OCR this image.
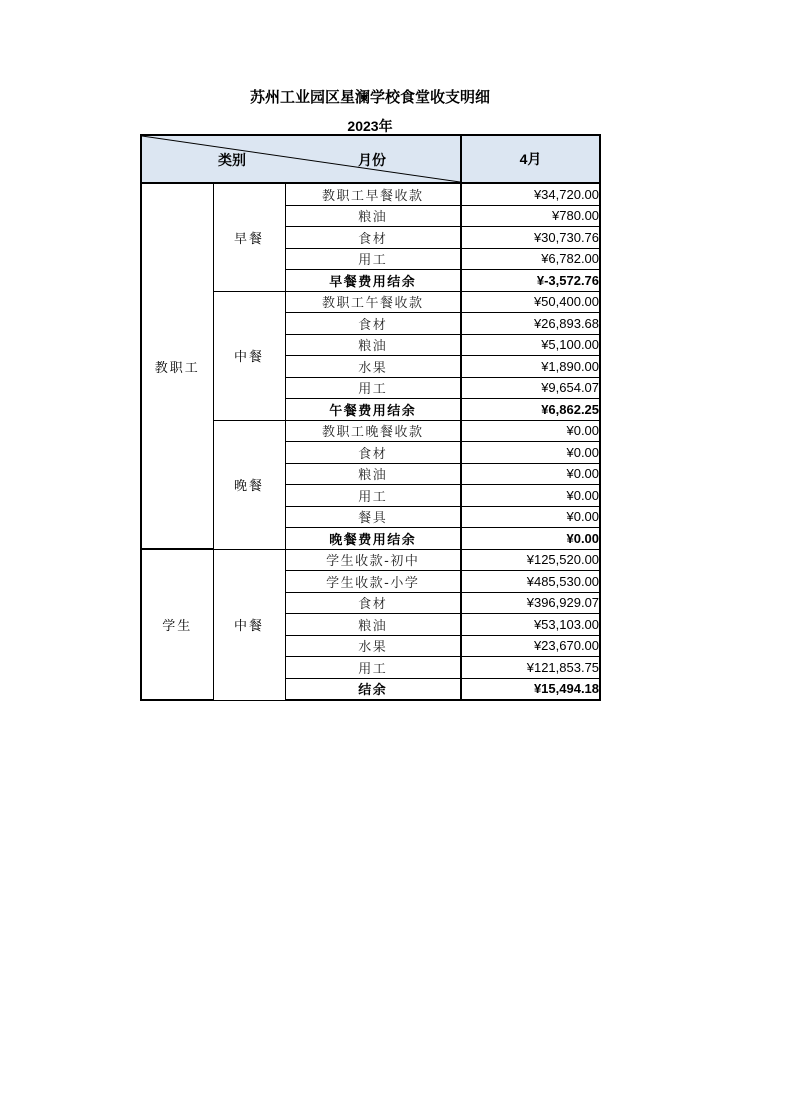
苏州工业园区星澜学校食堂收支明细
2023年
类别 月份			4月
教职工	早餐	教职工早餐收款	¥34,720.00
		粮油	¥780.00
		食材	¥30,730.76
		用工	¥6,782.00
		早餐费用结余	¥-3,572.76
	中餐	教职工午餐收款	¥50,400.00
		食材	¥26,893.68
		粮油	¥5,100.00
		水果	¥1,890.00
		用工	¥9,654.07
		午餐费用结余	¥6,862.25
	晚餐	教职工晚餐收款	¥0.00
		食材	¥0.00
		粮油	¥0.00
		用工	¥0.00
		餐具	¥0.00
		晚餐费用结余	¥0.00
学生	中餐	学生收款-初中	¥125,520.00
		学生收款-小学	¥485,530.00
		食材	¥396,929.07
		粮油	¥53,103.00
		水果	¥23,670.00
		用工	¥121,853.75
		结余	¥15,494.18
